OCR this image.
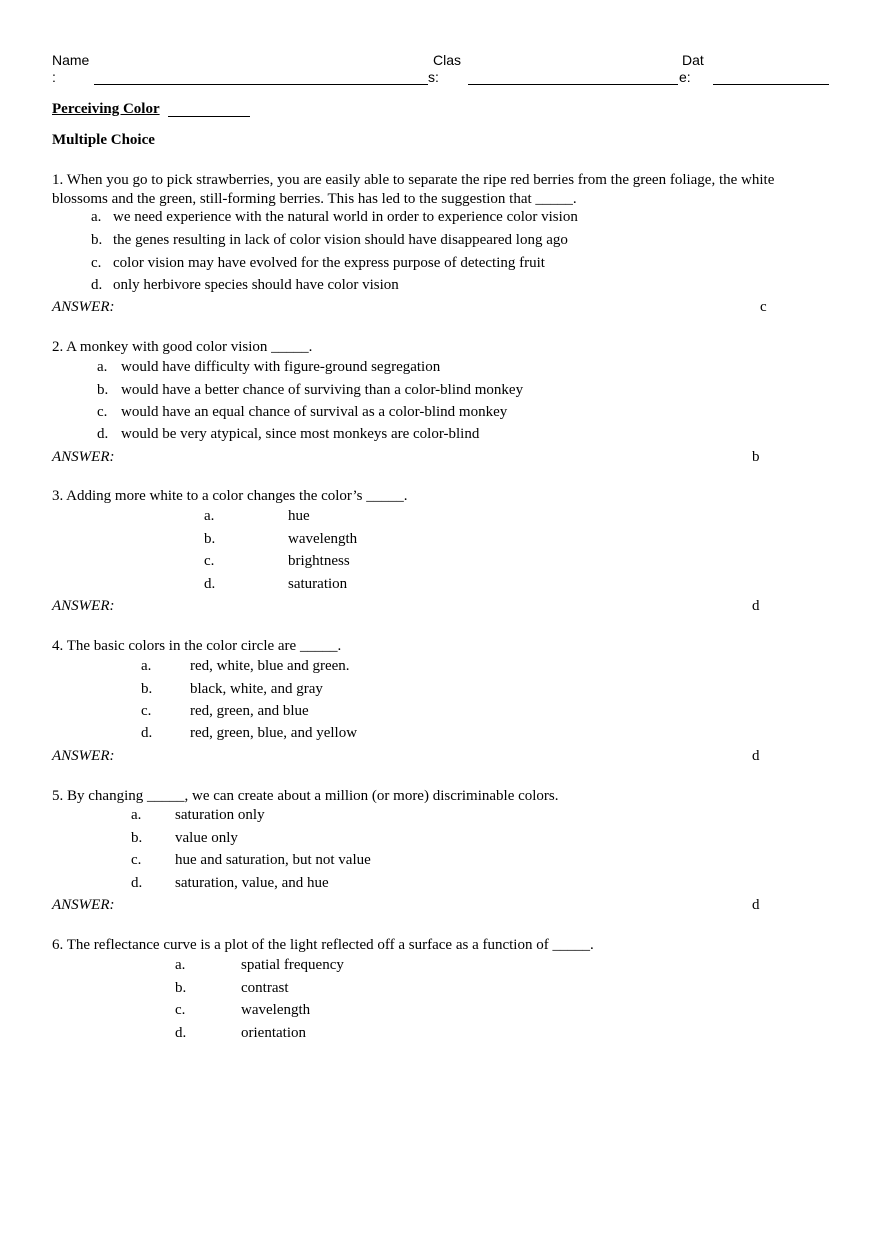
Name
:
Clas
s:
Dat
e:
Perceiving Color
Multiple Choice
1. When you go to pick strawberries, you are easily able to separate the ripe red berries from the green foliage, the white blossoms and the green, still-forming berries. This has led to the suggestion that _____.
a. we need experience with the natural world in order to experience color vision
b. the genes resulting in lack of color vision should have disappeared long ago
c. color vision may have evolved for the express purpose of detecting fruit
d. only herbivore species should have color vision
ANSWER:	c
2. A monkey with good color vision _____.
a. would have difficulty with figure-ground segregation
b. would have a better chance of surviving than a color-blind monkey
c. would have an equal chance of survival as a color-blind monkey
d. would be very atypical, since most monkeys are color-blind
ANSWER:	b
3. Adding more white to a color changes the color’s _____.
a.	hue
b.	wavelength
c.	brightness
d.	saturation
ANSWER:	d
4. The basic colors in the color circle are _____.
a.	red, white, blue and green.
b.	black, white, and gray
c.	red, green, and blue
d.	red, green, blue, and yellow
ANSWER:	d
5. By changing _____, we can create about a million (or more) discriminable colors.
a. saturation only
b. value only
c. hue and saturation, but not value
d. saturation, value, and hue
ANSWER:	d
6. The reflectance curve is a plot of the light reflected off a surface as a function of _____.
a.	spatial frequency
b.	contrast
c.	wavelength
d.	orientation
